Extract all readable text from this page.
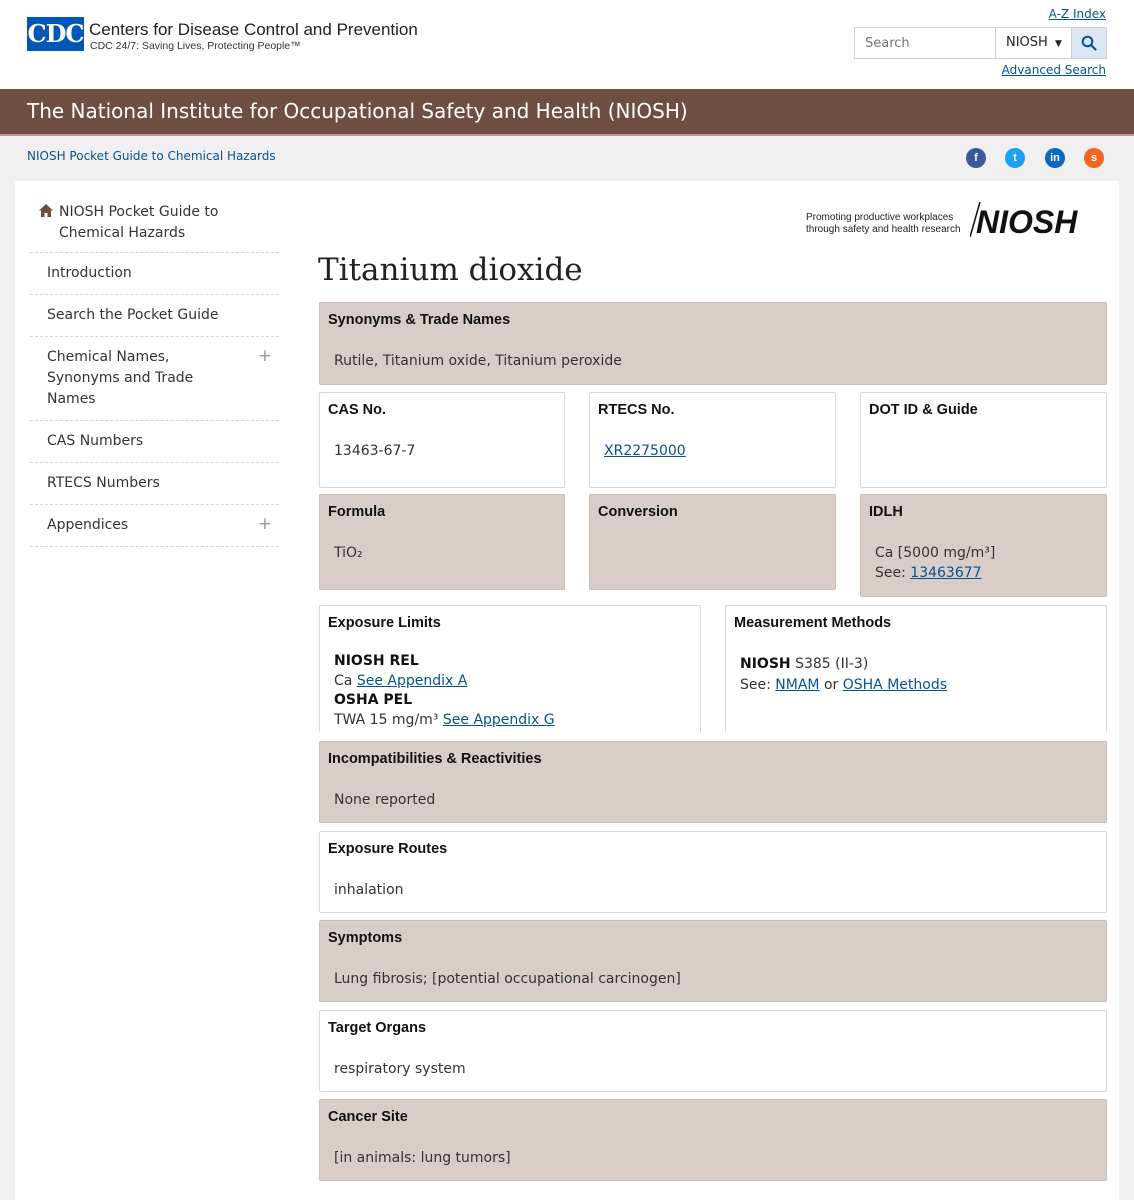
CDC Centers for Disease Control and Prevention
CDC 24/7: Saving Lives, Protecting People™
A-Z Index
Search
NIOSH ▼
Advanced Search
The National Institute for Occupational Safety and Health (NIOSH)
NIOSH Pocket Guide to Chemical Hazards	f	t	in	s
NIOSH Pocket Guide to Chemical Hazards
Introduction
Search the Pocket Guide
Chemical Names, Synonyms and Trade Names
+
CAS Numbers
RTECS Numbers
Appendices	+
Promoting productive workplaces
through safety and health research NIOSH
Titanium dioxide
Synonyms & Trade Names
Rutile, Titanium oxide, Titanium peroxide
CAS No.
13463-67-7
RTECS No.
XR2275000
DOT ID & Guide
Formula
TiO₂
Conversion	IDLH
Ca [5000 mg/m³]
See: 13463677
Exposure Limits
NIOSH REL
Ca See Appendix A
OSHA PEL
TWA 15 mg/m³ See Appendix G
Measurement Methods
NIOSH S385 (II-3)
See: NMAM or OSHA Methods
Incompatibilities & Reactivities
None reported
Exposure Routes
inhalation
Symptoms
Lung fibrosis; [potential occupational carcinogen]
Target Organs
respiratory system
Cancer Site
[in animals: lung tumors]
